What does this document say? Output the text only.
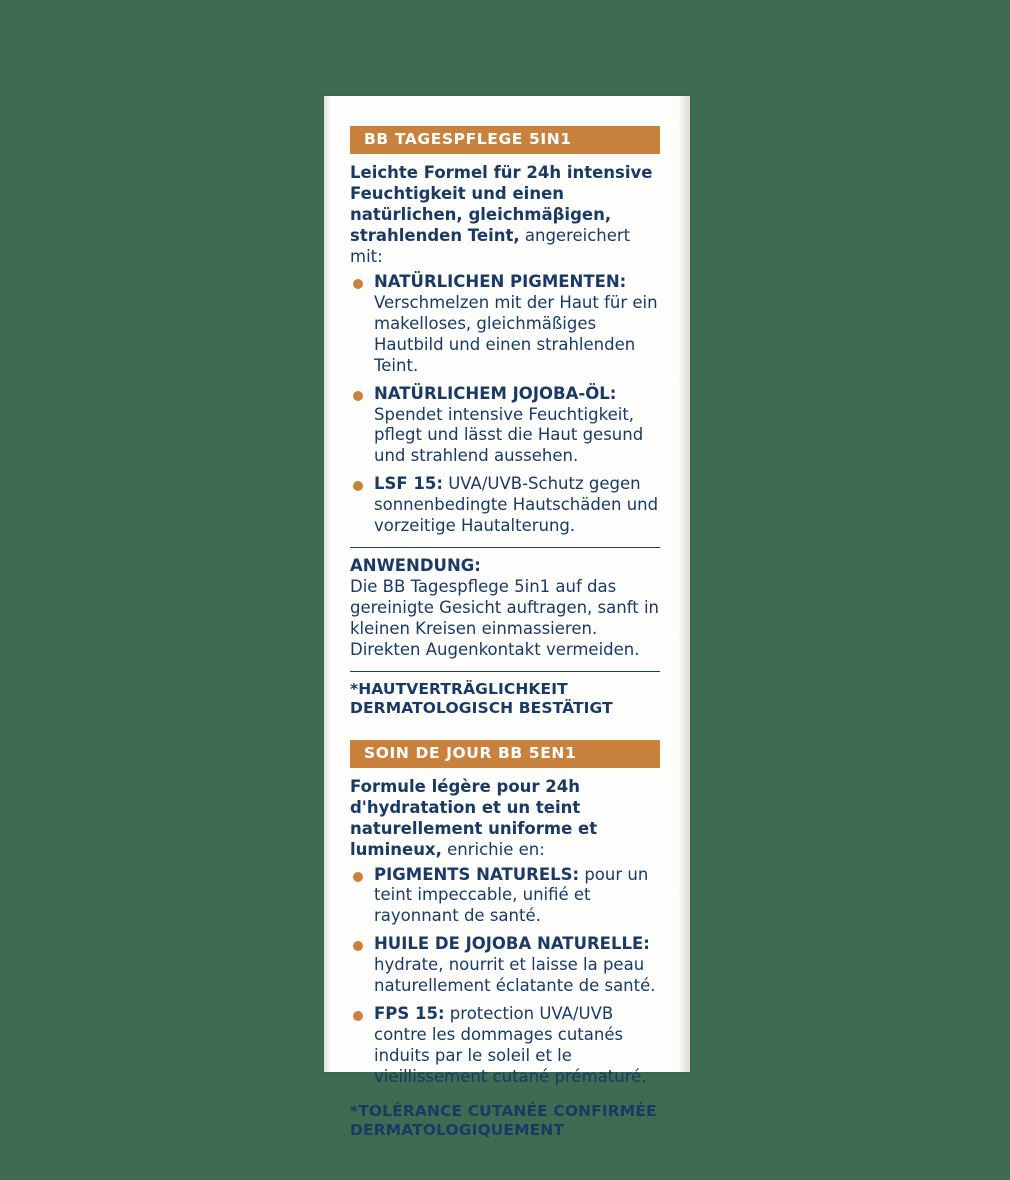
BB TAGESPFLEGE 5IN1

Leichte Formel für 24h intensive Feuchtigkeit und einen natürlichen, gleichmäβigen, strahlenden Teint, angereichert mit:

NATÜRLICHEN PIGMENTEN: Verschmelzen mit der Haut für ein makelloses, gleichmäßiges Hautbild und einen strahlenden Teint.
NATÜRLICHEM JOJOBA-ÖL: Spendet intensive Feuchtigkeit, pflegt und lässt die Haut gesund und strahlend aussehen.
LSF 15: UVA/UVB-Schutz gegen sonnenbedingte Hautschäden und vorzeitige Hautalterung.

ANWENDUNG:

Die BB Tagespflege 5in1 auf das gereinigte Gesicht auftragen, sanft in kleinen Kreisen einmassieren. Direkten Augenkontakt vermeiden.

*HAUTVERTRÄGLICHKEIT DERMATOLOGISCH BESTÄTIGT

SOIN DE JOUR BB 5EN1

Formule légère pour 24h d'hydratation et un teint naturellement uniforme et lumineux, enrichie en:

PIGMENTS NATURELS: pour un teint impeccable, unifié et rayonnant de santé.
HUILE DE JOJOBA NATURELLE: hydrate, nourrit et laisse la peau naturellement éclatante de santé.
FPS 15: protection UVA/UVB contre les dommages cutanés induits par le soleil et le vieillissement cutané prématuré.

*TOLÉRANCE CUTANÉE CONFIRMÉE DERMATOLOGIQUEMENT
